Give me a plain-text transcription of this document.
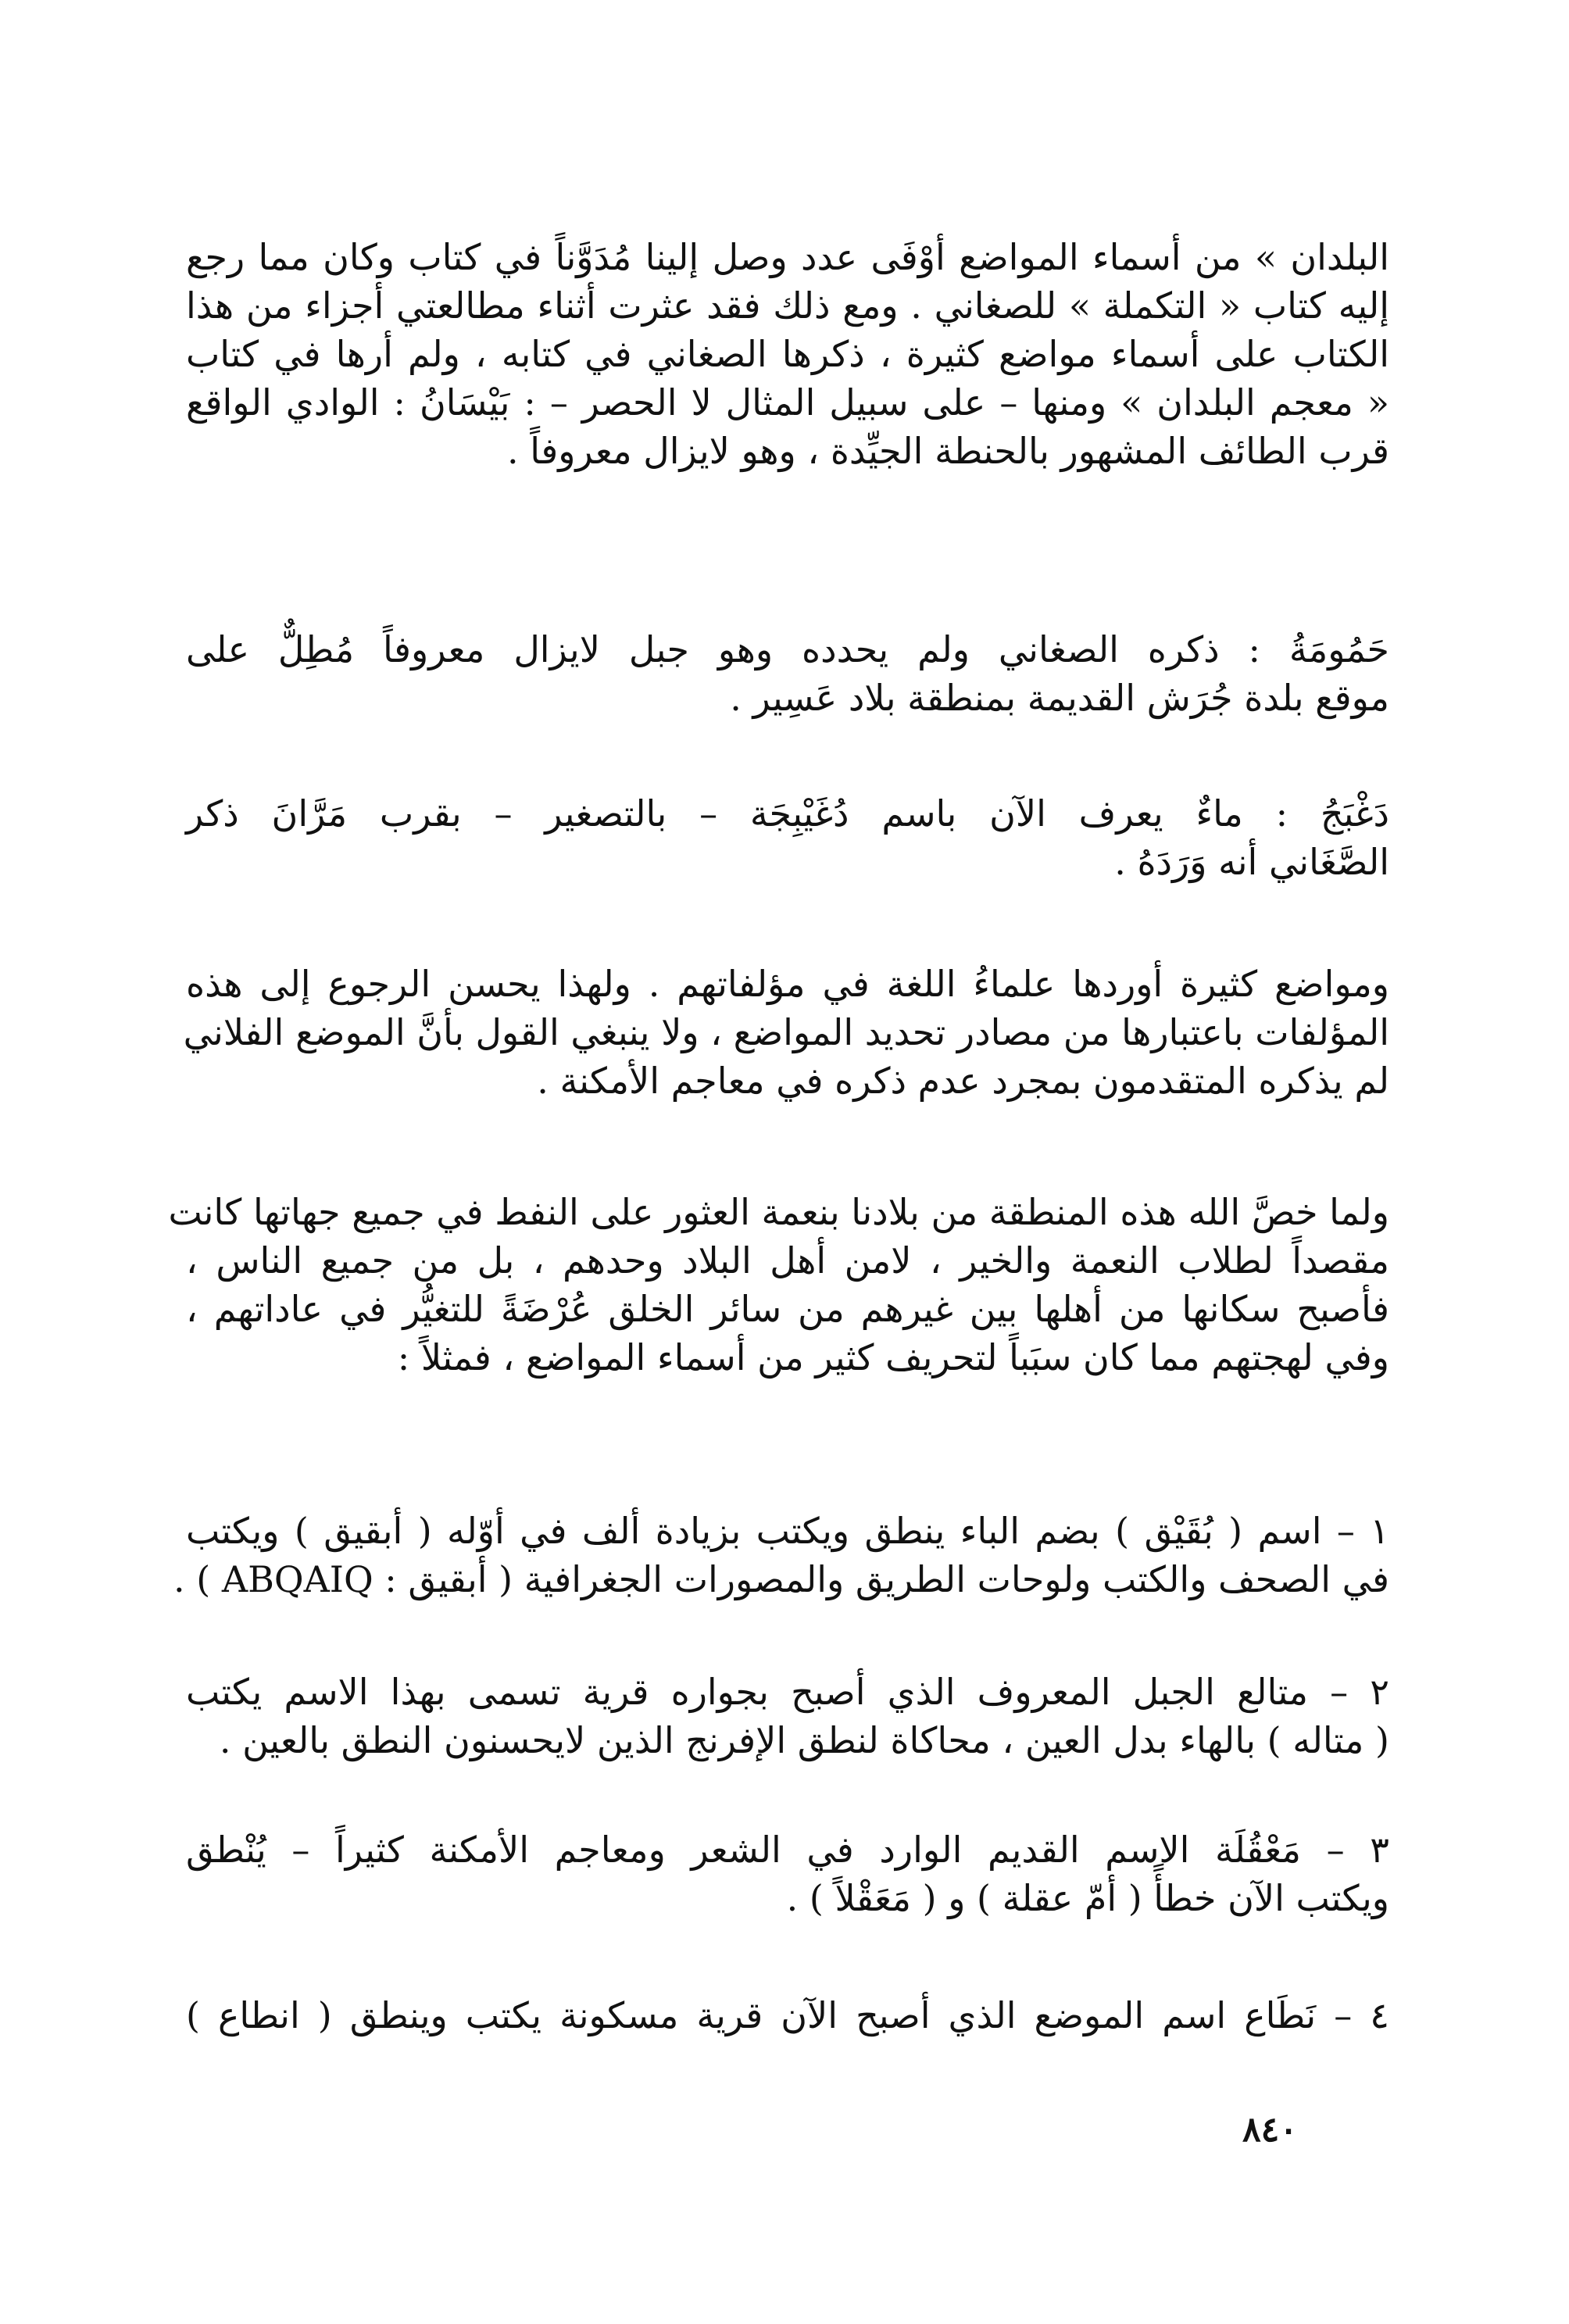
البلدان » من أسماء المواضع أوْفَى عدد وصل إلينا مُدَوَّناً في كتاب وكان مما رجع
إليه كتاب « التكملة » للصغاني . ومع ذلك فقد عثرت أثناء مطالعتي أجزاء من هذا
الكتاب على أسماء مواضع كثيرة ، ذكرها الصغاني في كتابه ، ولم أرها في كتاب
« معجم البلدان » ومنها – على سبيل المثال لا الحصر – : بَيْسَانُ : الوادي الواقع
قرب الطائف المشهور بالحنطة الجيِّدة ، وهو لايزال معروفاً .
حَمُومَةُ : ذكره الصغاني ولم يحدده وهو جبل لايزال معروفاً مُطِلٌّ على
موقع بلدة جُرَش القديمة بمنطقة بلاد عَسِير .
دَغْبَجُ : ماءٌ يعرف الآن باسم دُغَيْبِجَة – بالتصغير – بقرب مَرَّانَ ذكر
الصَّغَاني أنه وَرَدَهُ .
ومواضع كثيرة أوردها علماءُ اللغة في مؤلفاتهم . ولهذا يحسن الرجوع إلى هذه
المؤلفات باعتبارها من مصادر تحديد المواضع ، ولا ينبغي القول بأنَّ الموضع الفلاني
لم يذكره المتقدمون بمجرد عدم ذكره في معاجم الأمكنة .
ولما خصَّ الله هذه المنطقة من بلادنا بنعمة العثور على النفط في جميع جهاتها كانت
مقصداً لطلاب النعمة والخير ، لامن أهل البلاد وحدهم ، بل من جميع الناس ،
فأصبح سكانها من أهلها بين غيرهم من سائر الخلق عُرْضَةً للتغيُّر في عاداتهم ،
وفي لهجتهم مما كان سبَباً لتحريف كثير من أسماء المواضع ، فمثلاً :
١ – اسم ( بُقَيْق ) بضم الباء ينطق ويكتب بزيادة ألف في أوّله ( أبقيق ) ويكتب
في الصحف والكتب ولوحات الطريق والمصورات الجغرافية ( أبقيق : ABQAIQ ) .
٢ – متالع الجبل المعروف الذي أصبح بجواره قرية تسمى بهذا الاسم يكتب
( متاله ) بالهاء بدل العين ، محاكاة لنطق الإفرنج الذين لايحسنون النطق بالعين .
٣ – مَعْقُلَة الاسم القديم الوارد في الشعر ومعاجم الأمكنة كثيراً – يُنْطق
ويكتب الآن خطأً ( أمّ عقلة ) و ( مَعَقْلاً ) .
٤ – نَطَاع اسم الموضع الذي أصبح الآن قرية مسكونة يكتب وينطق ( انطاع )
٨٤٠
